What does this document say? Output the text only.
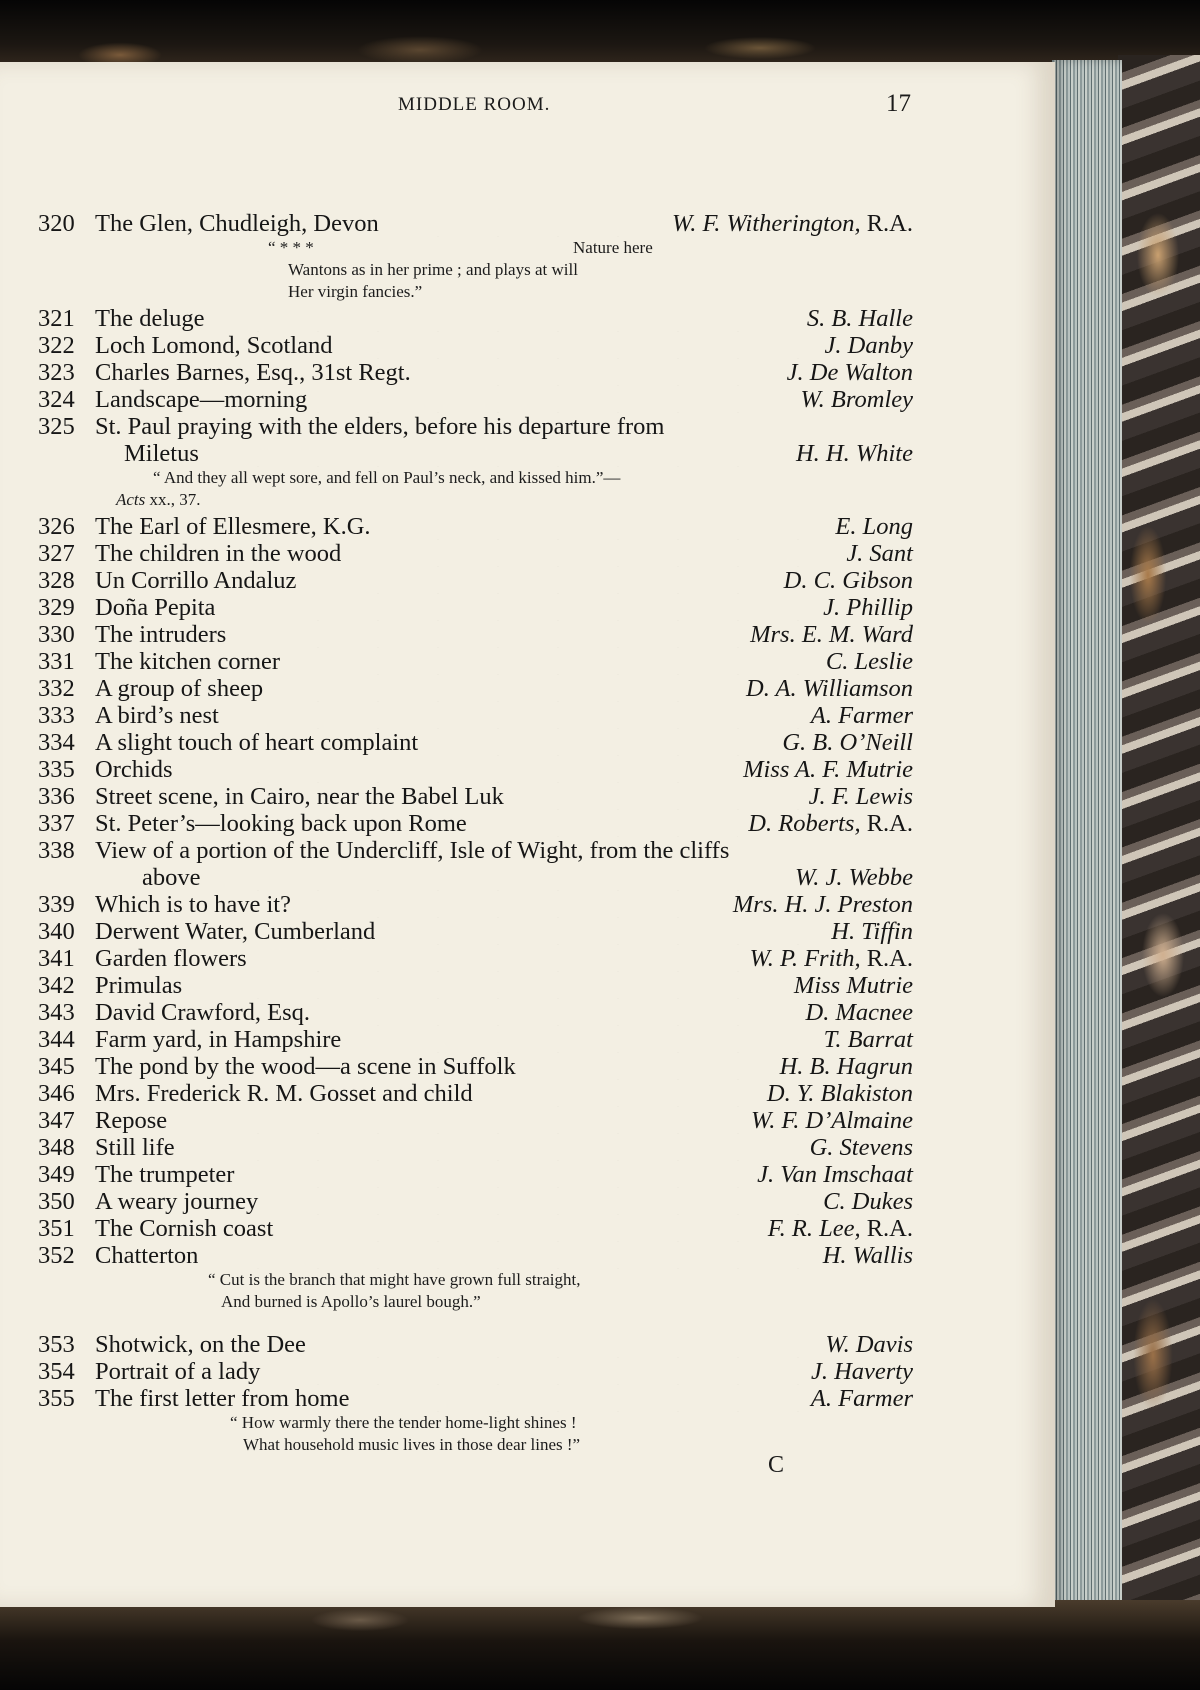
MIDDLE ROOM.	17
320 The Glen, Chudleigh, Devon	W. F. Witherington, R.A.
“ * * *	Nature here
Wantons as in her prime ; and plays at will
Her virgin fancies.”
321 The deluge	S. B. Halle
322 Loch Lomond, Scotland	J. Danby
323 Charles Barnes, Esq., 31st Regt.	J. De Walton
324 Landscape—morning	W. Bromley
325 St. Paul praying with the elders, before his departure from
Miletus	H. H. White
“ And they all wept sore, and fell on Paul’s neck, and kissed him.”—
Acts xx., 37.
326 The Earl of Ellesmere, K.G.	E. Long
327 The children in the wood	J. Sant
328 Un Corrillo Andaluz	D. C. Gibson
329 Doña Pepita	J. Phillip
330 The intruders	Mrs. E. M. Ward
331 The kitchen corner	C. Leslie
332 A group of sheep	D. A. Williamson
333 A bird’s nest	A. Farmer
334 A slight touch of heart complaint	G. B. O’Neill
335 Orchids	Miss A. F. Mutrie
336 Street scene, in Cairo, near the Babel Luk	J. F. Lewis
337 St. Peter’s—looking back upon Rome	D. Roberts, R.A.
338 View of a portion of the Undercliff, Isle of Wight, from the cliffs
above	W. J. Webbe
339 Which is to have it?	Mrs. H. J. Preston
340 Derwent Water, Cumberland	H. Tiffin
341 Garden flowers	W. P. Frith, R.A.
342 Primulas	Miss Mutrie
343 David Crawford, Esq.	D. Macnee
344 Farm yard, in Hampshire	T. Barrat
345 The pond by the wood—a scene in Suffolk	H. B. Hagrun
346 Mrs. Frederick R. M. Gosset and child	D. Y. Blakiston
347 Repose	W. F. D’Almaine
348 Still life	G. Stevens
349 The trumpeter	J. Van Imschaat
350 A weary journey	C. Dukes
351 The Cornish coast	F. R. Lee, R.A.
352 Chatterton	H. Wallis
“ Cut is the branch that might have grown full straight,
And burned is Apollo’s laurel bough.”
353 Shotwick, on the Dee	W. Davis
354 Portrait of a lady	J. Haverty
355 The first letter from home	A. Farmer
“ How warmly there the tender home-light shines !
What household music lives in those dear lines !”
C
